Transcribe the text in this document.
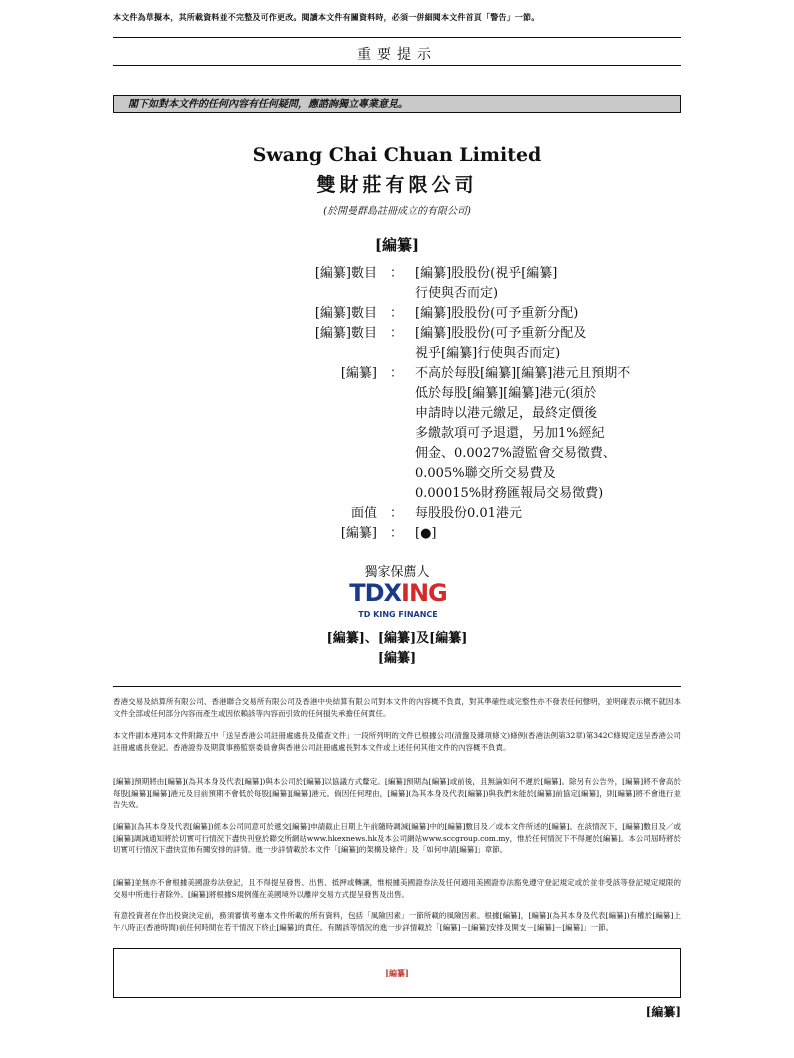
本文件為草擬本，其所載資料並不完整及可作更改。閱讀本文件有關資料時，必須一併細閱本文件首頁「警告」一節。
重要提示
閣下如對本文件的任何內容有任何疑問，應諮詢獨立專業意見。
Swang Chai Chuan Limited
雙財莊有限公司
(於開曼群島註冊成立的有限公司)
[編纂]
[編纂]數目 ： [編纂]股股份(視乎[編纂]
行使與否而定)
[編纂]數目 ： [編纂]股股份(可予重新分配)
[編纂]數目 ： [編纂]股股份(可予重新分配及
視乎[編纂]行使與否而定)
[編纂] ： 不高於每股[編纂][編纂]港元且預期不
低於每股[編纂][編纂]港元(須於
申請時以港元繳足，最終定價後
多繳款項可予退還，另加1%經紀
佣金、0.0027%證監會交易徵費、
0.005%聯交所交易費及
0.00015%財務匯報局交易徵費)
面值 ： 每股股份0.01港元
[編纂] ： [●]
獨家保薦人
TDXING
TD KING FINANCE
[編纂]、[編纂]及[編纂]
[編纂]
香港交易及結算所有限公司、香港聯合交易所有限公司及香港中央結算有限公司對本文件的內容概不負責，對其準確性或完整性亦不發表任何聲明，並明確表示概不就因本文件全部或任何部分內容而產生或因依賴該等內容而引致的任何損失承擔任何責任。
本文件副本連同本文件附錄五中「送呈香港公司註冊處處長及備查文件」一段所列明的文件已根據公司(清盤及雜項條文)條例(香港法例第32章)第342C條規定送呈香港公司註冊處處長登記。香港證券及期貨事務監察委員會與香港公司註冊處處長對本文件或上述任何其他文件的內容概不負責。
[編纂]預期將由[編纂](為其本身及代表[編纂])與本公司於[編纂]以協議方式釐定。[編纂]預期為[編纂]或前後，且無論如何不遲於[編纂]。除另有公告外，[編纂]將不會高於每股[編纂][編纂]港元及目前預期不會低於每股[編纂][編纂]港元。倘因任何理由，[編纂](為其本身及代表[編纂])與我們未能於[編纂]前協定[編纂]，則[編纂]將不會進行並告失效。
[編纂](為其本身及代表[編纂])經本公司同意可於遞交[編纂]申請截止日期上午前隨時調減[編纂]中的[編纂]數目及／或本文件所述的[編纂]。在該情況下，[編纂]數目及／或[編纂]調減通知將於切實可行情況下盡快刊登於聯交所網站www.hkexnews.hk及本公司網站www.sccgroup.com.my，惟於任何情況下不得遲於[編纂]。本公司屆時將於切實可行情況下盡快宣佈有關安排的詳情。進一步詳情載於本文件「[編纂]的架構及條件」及「如何申請[編纂]」章節。
[編纂]並無亦不會根據美國證券法登記，且不得提呈發售、出售、抵押或轉讓，惟根據美國證券法及任何適用美國證券法豁免遵守登記規定或於並非受該等登記規定規限的交易中所進行者除外。[編纂]將根據S規例僅在美國境外以離岸交易方式提呈發售及出售。
有意投資者在作出投資決定前，務須審慎考慮本文件所載的所有資料，包括「風險因素」一節所載的風險因素。根據[編纂]，[編纂](為其本身及代表[編纂])有權於[編纂]上午八時正(香港時間)前任何時間在若干情況下終止[編纂]的責任。有關該等情況的進一步詳情載於「[編纂]－[編纂]安排及開支－[編纂]－[編纂]」一節。
[編纂]
[編纂]
